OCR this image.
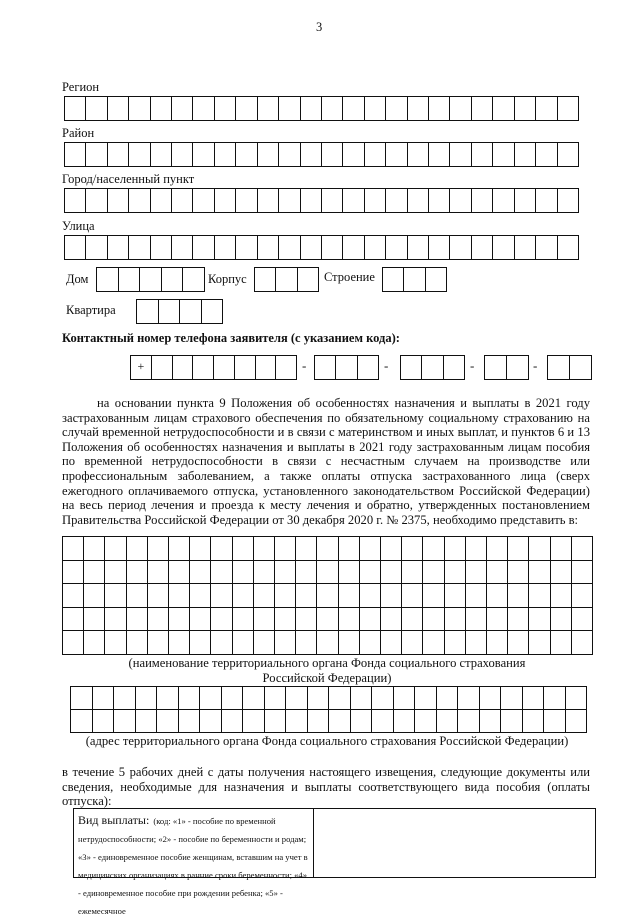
3
Регион
Район
Город/населенный пункт
Улица
Дом	Корпус	Строение
Квартира
Контактный номер телефона заявителя (с указанием кода):
+	-	-	-	-
на основании пункта 9 Положения об особенностях назначения и выплаты в 2021 году застрахованным лицам страхового обеспечения по обязательному социальному страхованию на случай временной нетрудоспособности и в связи с материнством и иных выплат, и пунктов 6 и 13 Положения об особенностях назначения и выплаты в 2021 году застрахованным лицам пособия по временной нетрудоспособности в связи с несчастным случаем на производстве или профессиональным заболеванием, а также оплаты отпуска застрахованного лица (сверх ежегодного оплачиваемого отпуска, установленного законодательством Российской Федерации) на весь период лечения и проезда к месту лечения и обратно, утвержденных постановлением Правительства Российской Федерации от 30 декабря 2020 г. № 2375, необходимо представить в:
(наименование территориального органа Фонда социального страхования
Российской Федерации)
(адрес территориального органа Фонда социального страхования Российской Федерации)
в течение 5 рабочих дней с даты получения настоящего извещения, следующие документы или сведения, необходимые для назначения и выплаты соответствующего вида пособия (оплаты отпуска):
Вид выплаты: (код: «1» - пособие по временной нетрудоспособности; «2» - пособие по беременности и родам; «3» - единовременное пособие женщинам, вставшим на учет в медицинских организациях в ранние сроки беременности; «4» - единовременное пособие при рождении ребенка; «5» - ежемесячное
